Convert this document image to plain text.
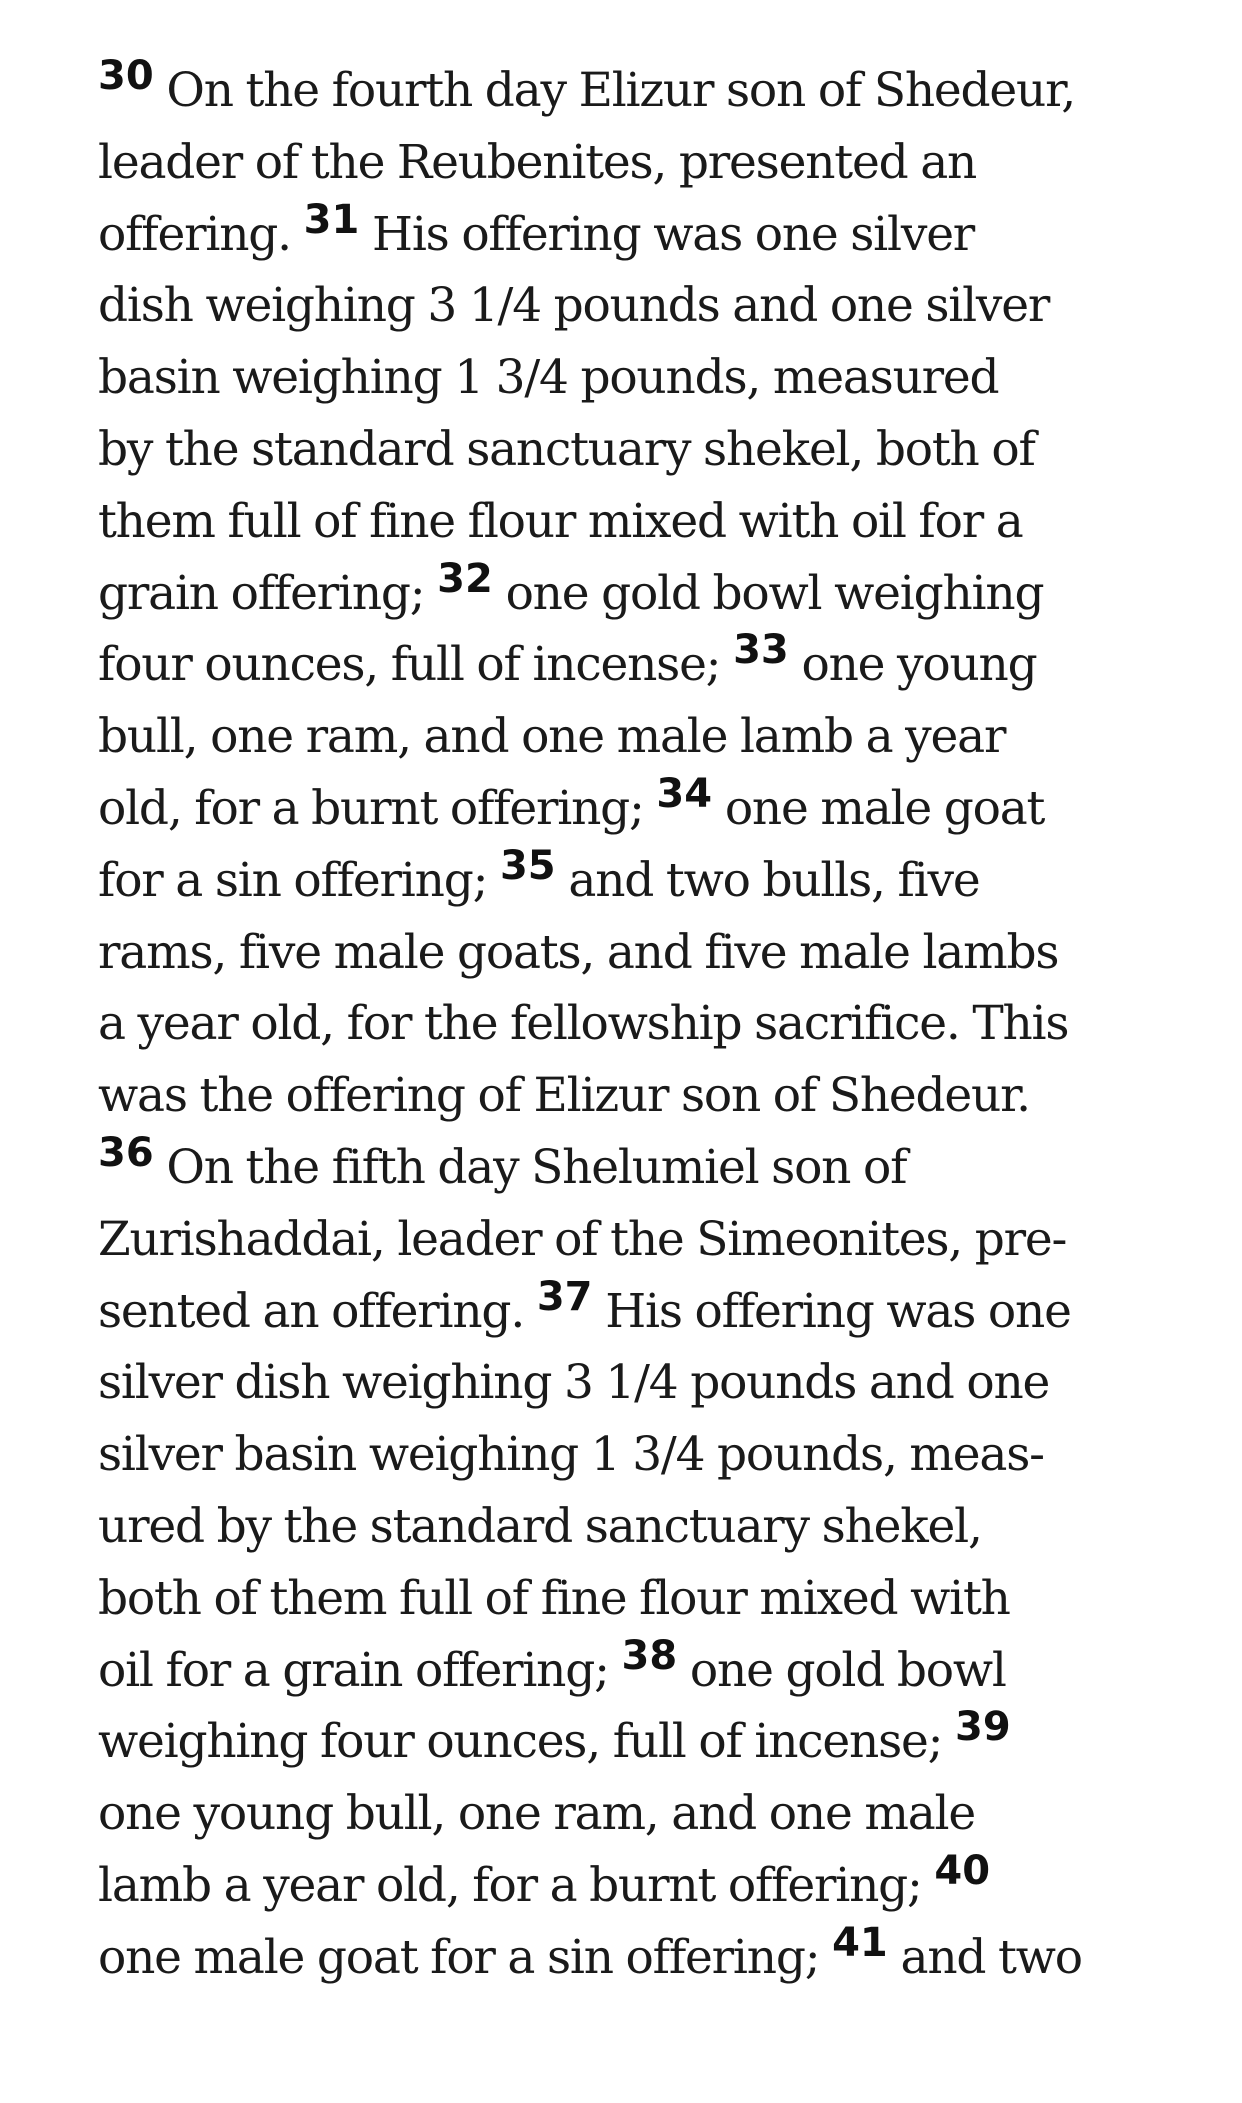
30 On the fourth day Elizur son of Shedeur,
leader of the Reubenites, presented an
offering. 31 His offering was one silver
dish weighing 3 1/4 pounds and one silver
basin weighing 1 3/4 pounds, measured
by the standard sanctuary shekel, both of
them full of fine flour mixed with oil for a
grain offering; 32 one gold bowl weighing
four ounces, full of incense; 33 one young
bull, one ram, and one male lamb a year
old, for a burnt offering; 34 one male goat
for a sin offering; 35 and two bulls, five
rams, five male goats, and five male lambs
a year old, for the fellowship sacrifice. This
was the offering of Elizur son of Shedeur.
36 On the fifth day Shelumiel son of
Zurishaddai, leader of the Simeonites, pre-
sented an offering. 37 His offering was one
silver dish weighing 3 1/4 pounds and one
silver basin weighing 1 3/4 pounds, meas-
ured by the standard sanctuary shekel,
both of them full of fine flour mixed with
oil for a grain offering; 38 one gold bowl
weighing four ounces, full of incense; 39
one young bull, one ram, and one male
lamb a year old, for a burnt offering; 40
one male goat for a sin offering; 41 and two
